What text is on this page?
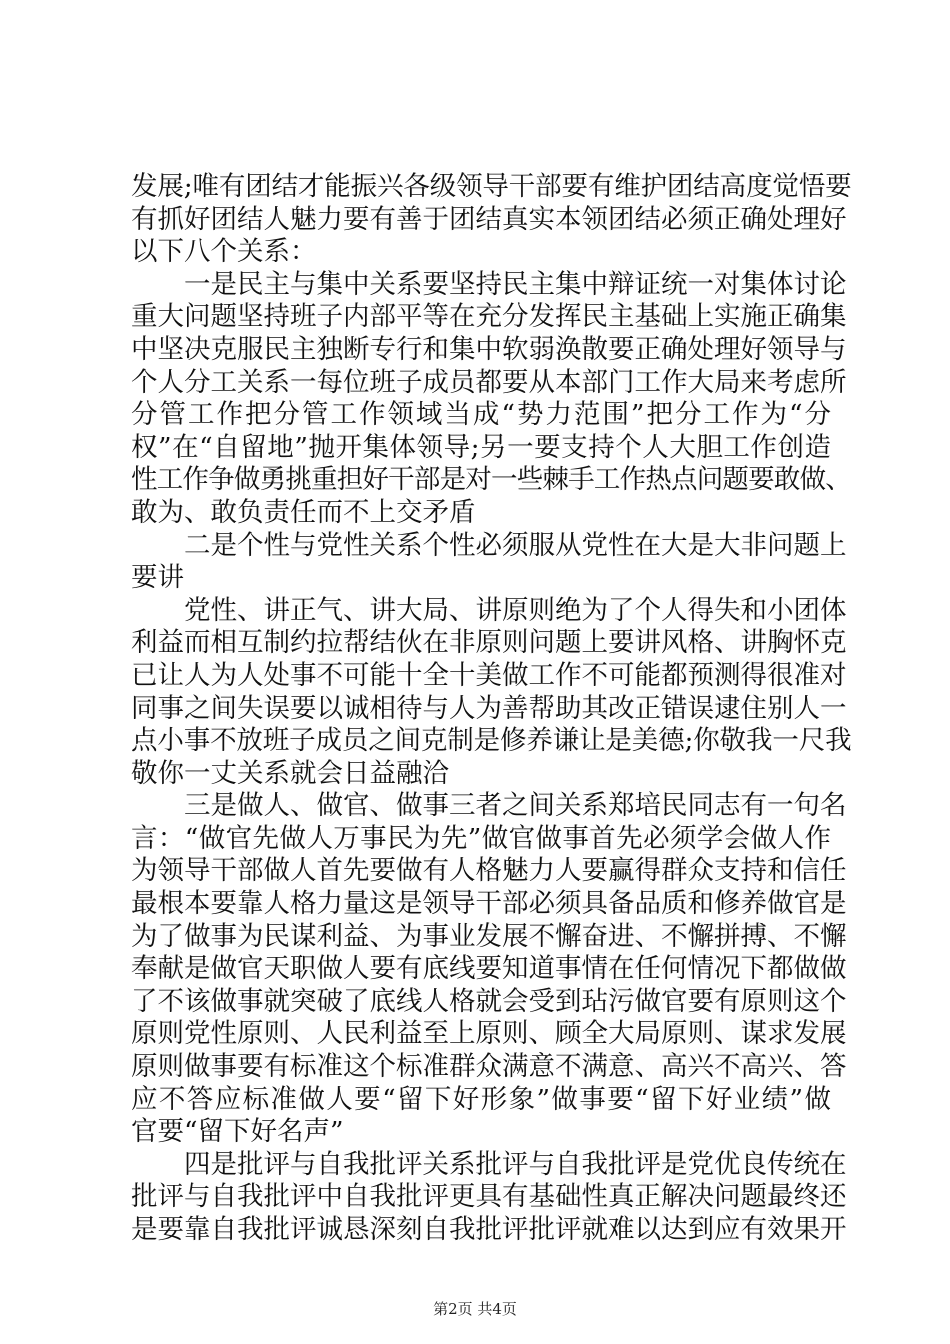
发展;唯有团结才能振兴各级领导干部要有维护团结高度觉悟要
有抓好团结人魅力要有善于团结真实本领团结必须正确处理好
以下八个关系：
一是民主与集中关系要坚持民主集中辩证统一对集体讨论
重大问题坚持班子内部平等在充分发挥民主基础上实施正确集
中坚决克服民主独断专行和集中软弱涣散要正确处理好领导与
个人分工关系一每位班子成员都要从本部门工作大局来考虑所
分管工作把分管工作领域当成“势力范围”把分工作为“分
权”在“自留地”抛开集体领导;另一要支持个人大胆工作创造
性工作争做勇挑重担好干部是对一些棘手工作热点问题要敢做、
敢为、敢负责任而不上交矛盾
二是个性与党性关系个性必须服从党性在大是大非问题上
要讲
党性、讲正气、讲大局、讲原则绝为了个人得失和小团体
利益而相互制约拉帮结伙在非原则问题上要讲风格、讲胸怀克
已让人为人处事不可能十全十美做工作不可能都预测得很准对
同事之间失误要以诚相待与人为善帮助其改正错误逮住别人一
点小事不放班子成员之间克制是修养谦让是美德;你敬我一尺我
敬你一丈关系就会日益融洽
三是做人、做官、做事三者之间关系郑培民同志有一句名
言：“做官先做人万事民为先”做官做事首先必须学会做人作
为领导干部做人首先要做有人格魅力人要赢得群众支持和信任
最根本要靠人格力量这是领导干部必须具备品质和修养做官是
为了做事为民谋利益、为事业发展不懈奋进、不懈拼搏、不懈
奉献是做官天职做人要有底线要知道事情在任何情况下都做做
了不该做事就突破了底线人格就会受到玷污做官要有原则这个
原则党性原则、人民利益至上原则、顾全大局原则、谋求发展
原则做事要有标准这个标准群众满意不满意、高兴不高兴、答
应不答应标准做人要“留下好形象”做事要“留下好业绩”做
官要“留下好名声”
四是批评与自我批评关系批评与自我批评是党优良传统在
批评与自我批评中自我批评更具有基础性真正解决问题最终还
是要靠自我批评诚恳深刻自我批评批评就难以达到应有效果开
第2页 共4页
